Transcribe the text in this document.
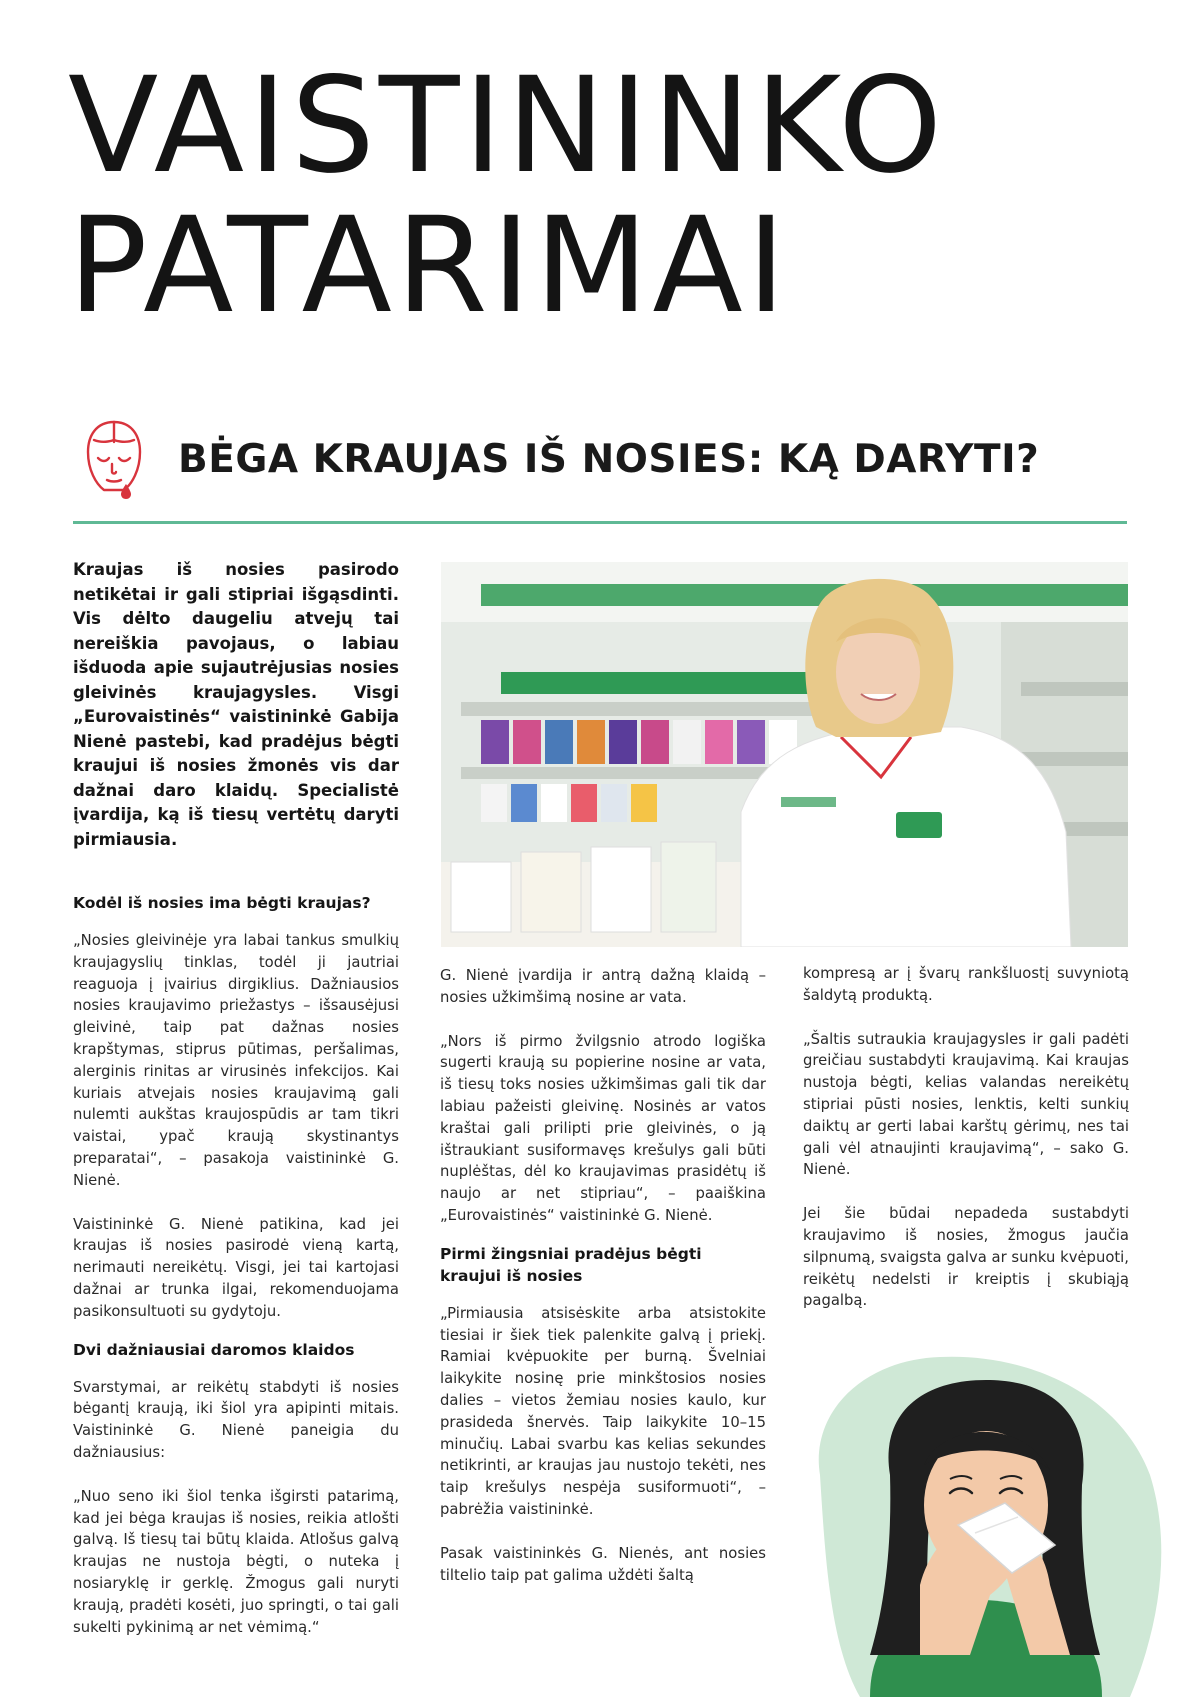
VAISTININKO
PATARIMAI
BĖGA KRAUJAS IŠ NOSIES: KĄ DARYTI?

Kraujas iš nosies pasirodo netikėtai ir gali stipriai išgąsdinti. Vis dėlto daugeliu atvejų tai nereiškia pavojaus, o labiau išduoda apie sujautrėjusias nosies gleivinės kraujagysles. Visgi „Eurovaistinės“ vaistininkė Gabija Nienė pastebi, kad pradėjus bėgti kraujui iš nosies žmonės vis dar dažnai daro klaidų. Specialistė įvardija, ką iš tiesų vertėtų daryti pirmiausia.

Kodėl iš nosies ima bėgti kraujas?

„Nosies gleivinėje yra labai tankus smulkių kraujagyslių tinklas, todėl ji jautriai reaguoja į įvairius dirgiklius. Dažniausios nosies kraujavimo priežastys – išsausėjusi gleivinė, taip pat dažnas nosies krapštymas, stiprus pūtimas, peršalimas, alerginis rinitas ar virusinės infekcijos. Kai kuriais atvejais nosies kraujavimą gali nulemti aukštas kraujospūdis ar tam tikri vaistai, ypač kraują skystinantys preparatai“, – pasakoja vaistininkė G. Nienė.

Vaistininkė G. Nienė patikina, kad jei kraujas iš nosies pasirodė vieną kartą, nerimauti nereikėtų. Visgi, jei tai kartojasi dažnai ar trunka ilgai, rekomenduojama pasikonsultuoti su gydytoju.

Dvi dažniausiai daromos klaidos

Svarstymai, ar reikėtų stabdyti iš nosies bėgantį kraują, iki šiol yra apipinti mitais. Vaistininkė G. Nienė paneigia du dažniausius:

„Nuo seno iki šiol tenka išgirsti patarimą, kad jei bėga kraujas iš nosies, reikia atlošti galvą. Iš tiesų tai būtų klaida. Atlošus galvą kraujas ne nustoja bėgti, o nuteka į nosiaryklę ir gerklę. Žmogus gali nuryti kraują, pradėti kosėti, juo springti, o tai gali sukelti pykinimą ar net vėmimą.“

G. Nienė įvardija ir antrą dažną klaidą – nosies užkimšimą nosine ar vata.

„Nors iš pirmo žvilgsnio atrodo logiška sugerti kraują su popierine nosine ar vata, iš tiesų toks nosies užkimšimas gali tik dar labiau pažeisti gleivinę. Nosinės ar vatos kraštai gali prilipti prie gleivinės, o ją ištraukiant susiformavęs krešulys gali būti nuplėštas, dėl ko kraujavimas prasidėtų iš naujo ar net stipriau“, – paaiškina „Eurovaistinės“ vaistininkė G. Nienė.

Pirmi žingsniai pradėjus bėgti kraujui iš nosies

„Pirmiausia atsisėskite arba atsistokite tiesiai ir šiek tiek palenkite galvą į priekį. Ramiai kvėpuokite per burną. Švelniai laikykite nosinę prie minkštosios nosies dalies – vietos žemiau nosies kaulo, kur prasideda šnervės. Taip laikykite 10–15 minučių. Labai svarbu kas kelias sekundes netikrinti, ar kraujas jau nustojo tekėti, nes taip krešulys nespėja susiformuoti“, – pabrėžia vaistininkė.

Pasak vaistininkės G. Nienės, ant nosies tiltelio taip pat galima uždėti šaltą

kompresą ar į švarų rankšluostį suvyniotą šaldytą produktą.

„Šaltis sutraukia kraujagysles ir gali padėti greičiau sustabdyti kraujavimą. Kai kraujas nustoja bėgti, kelias valandas nereikėtų stipriai pūsti nosies, lenktis, kelti sunkių daiktų ar gerti labai karštų gėrimų, nes tai gali vėl atnaujinti kraujavimą“, – sako G. Nienė.

Jei šie būdai nepadeda sustabdyti kraujavimo iš nosies, žmogus jaučia silpnumą, svaigsta galva ar sunku kvėpuoti, reikėtų nedelsti ir kreiptis į skubiąją pagalbą.
